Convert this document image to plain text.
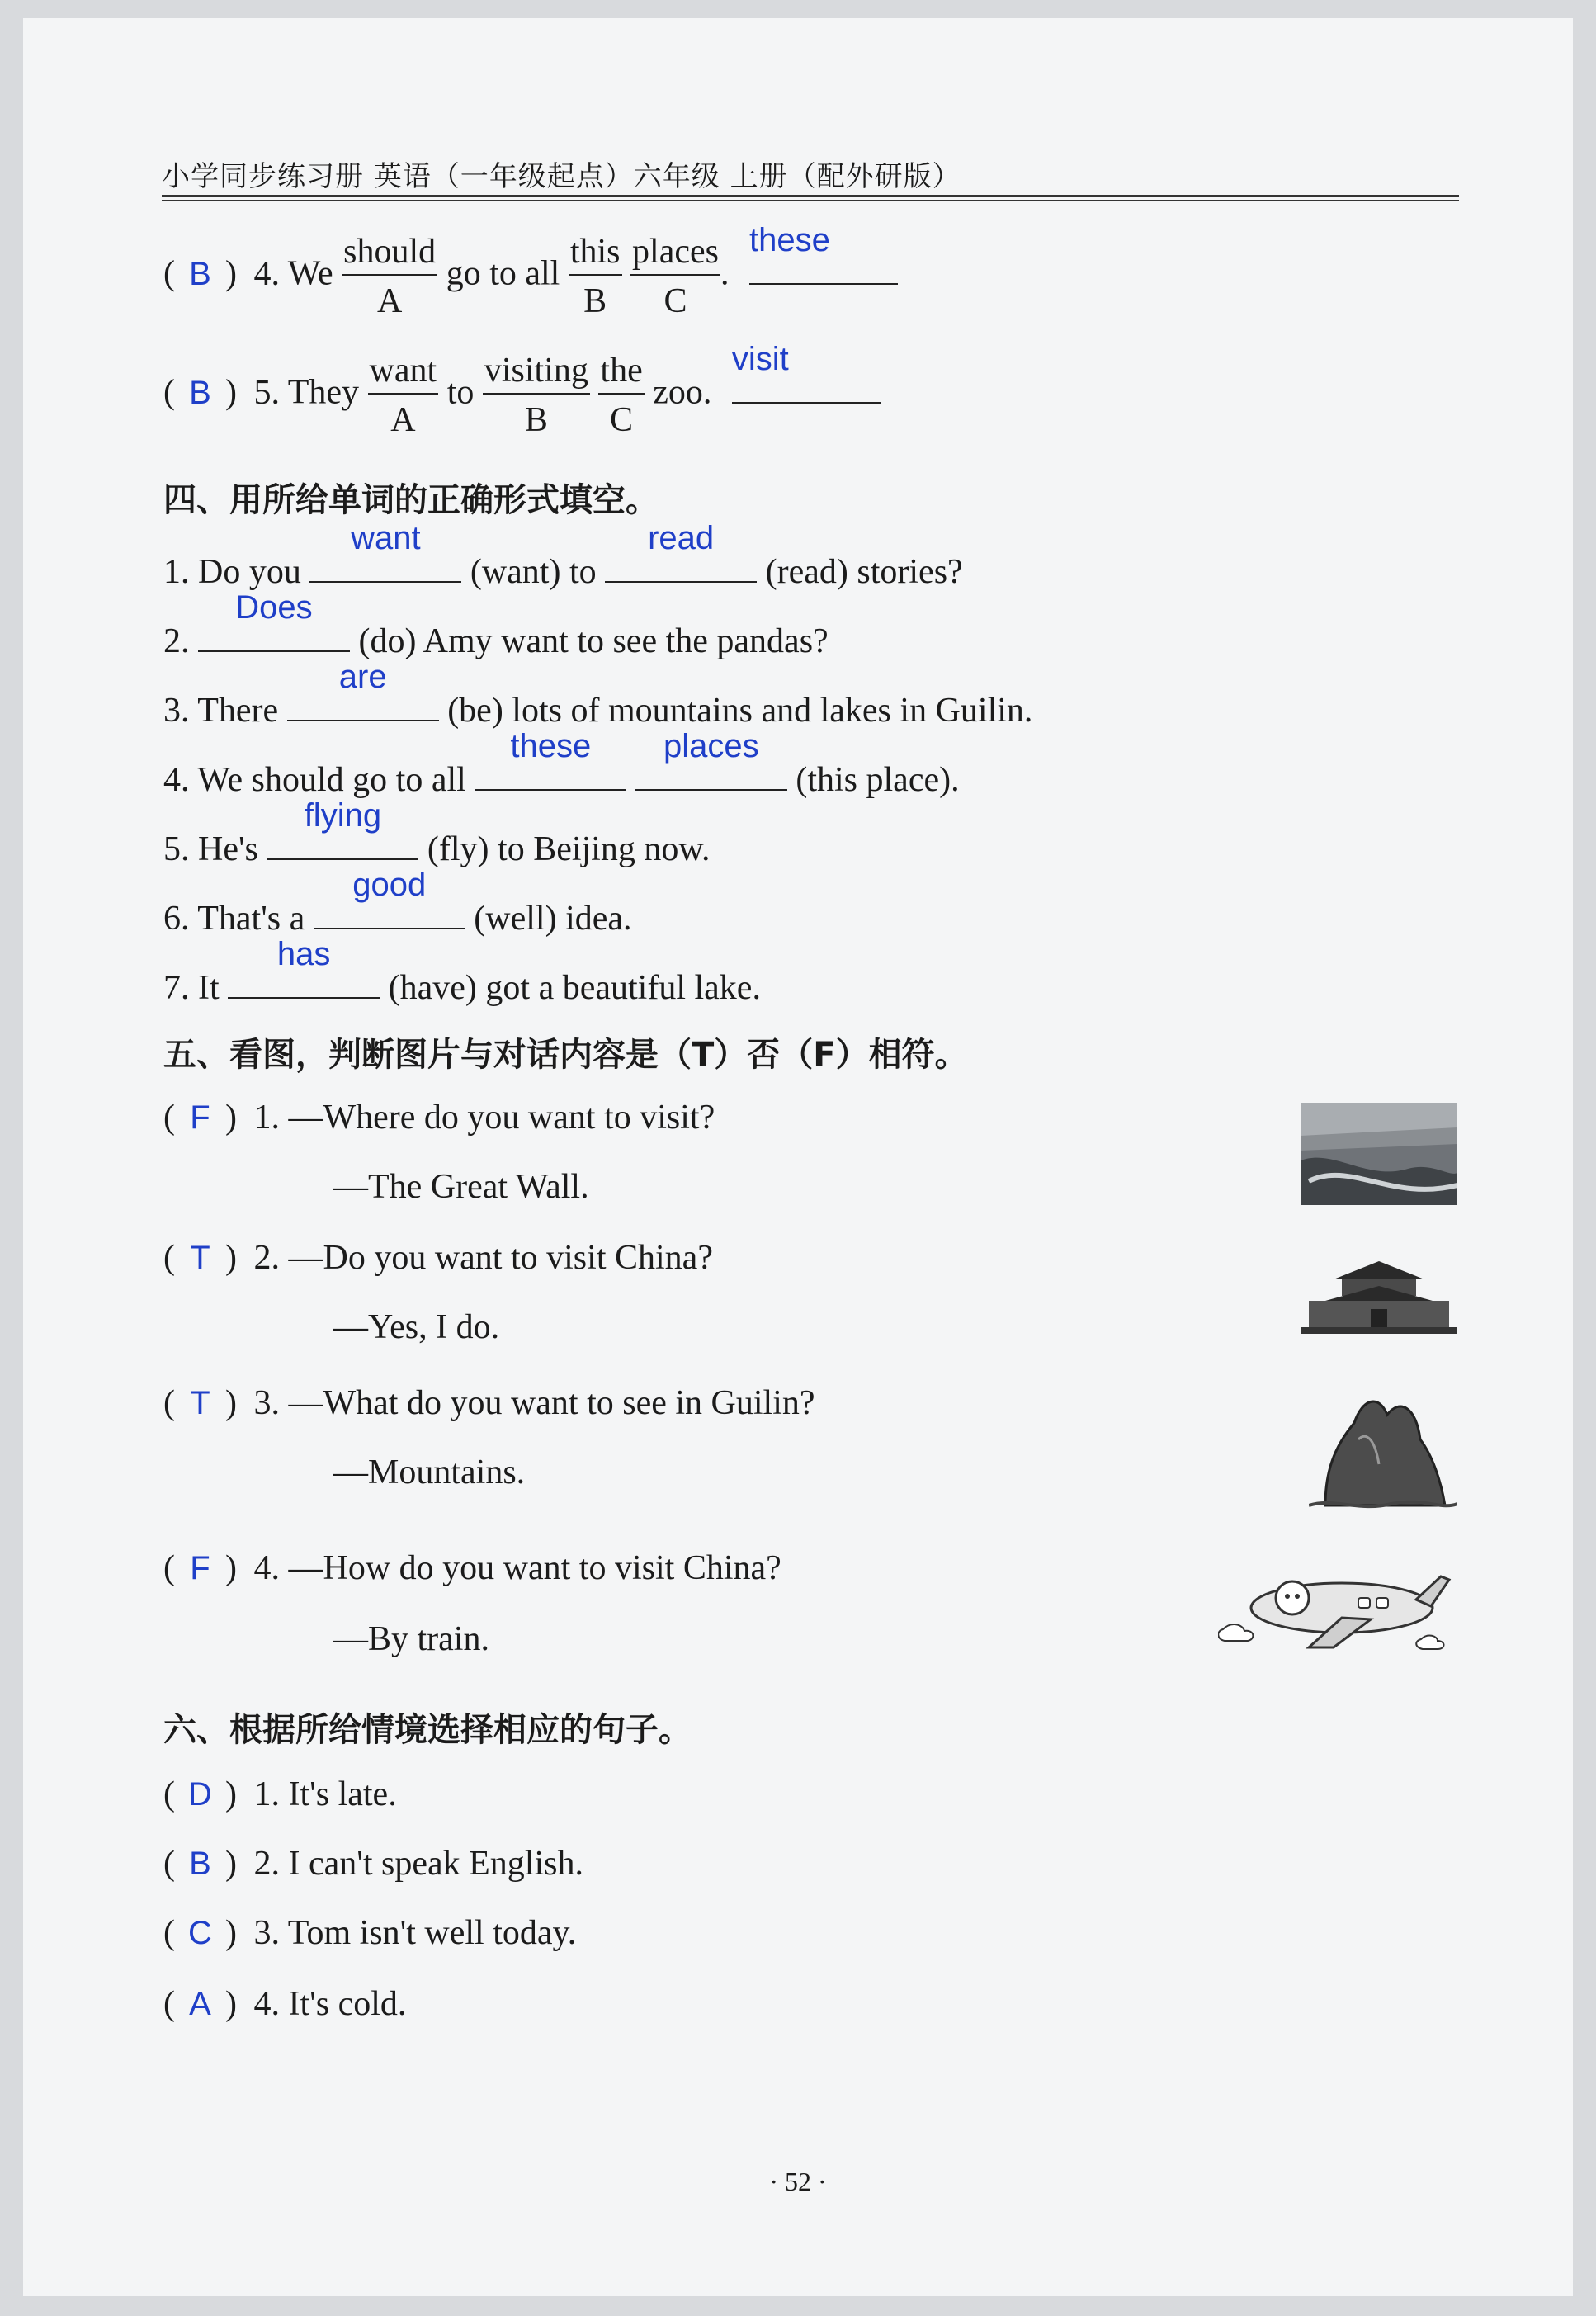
小学同步练习册 英语（一年级起点）六年级 上册（配外研版）
( B ) 4. We $\frac{\text{should}}{A}$ go to all $\frac{\text{this}}{B}$
$\frac{\text{places}}{C}$ .
these
( B ) 5. They $\frac{\text{want}}{A}$ to $\frac{\text{visiting}}{B}$
$\frac{\text{the}}{C}$ zoo.
visit
四、用所给单词的正确形式填空。
1. Do you
want
(want) to
read
(read) stories?
2.
Does
(do) Amy want to see the pandas?
3. There
are
(be) lots of mountains and lakes in Guilin.
4. We should go to all
these
	places
(this place).
5. He's
flying
(fly) to Beijing now.
6. That's a
good
(well) idea.
7. It
has
(have) got a beautiful lake.
五、看图，判断图片与对话内容是（T）否（F）相符。
( F ) 1. —Where do you want to visit?
—The Great Wall.
( T ) 2. —Do you want to visit China?
—Yes, I do.
( T ) 3. —What do you want to see in Guilin?
—Mountains.
( F ) 4. —How do you want to visit China?
—By train.
六、根据所给情境选择相应的句子。
( D ) 1. It's late.
( B ) 2. I can't speak English.
( C ) 3. Tom isn't well today.
( A ) 4. It's cold.
· 52 ·
